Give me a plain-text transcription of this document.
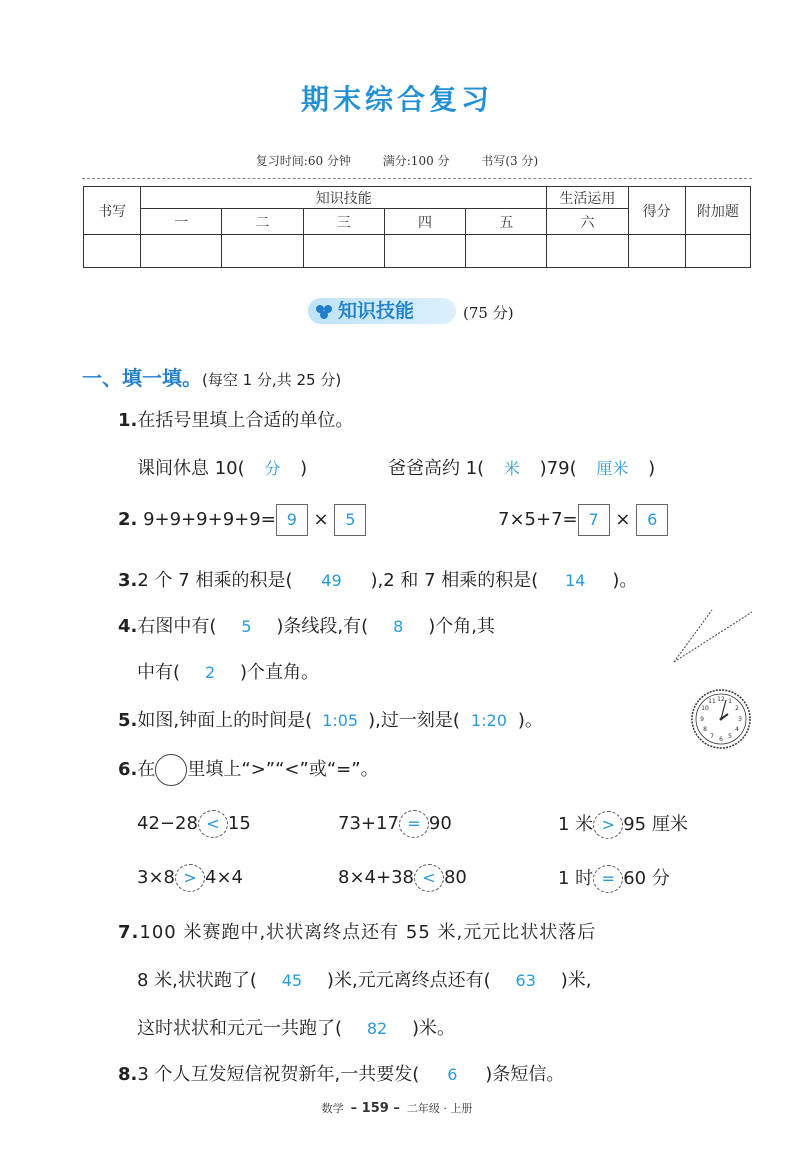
期末综合复习
复习时间:60 分钟	满分:100 分	书写(3 分)
书写	知识技能					生活运用	得分	附加题
	一	二	三	四	五	六		

知识技能	(75 分)
一、填一填。(每空 1 分,共 25 分)
1.在括号里填上合适的单位。
课间休息 10( 分 )	爸爸高约 1( 米 )79( 厘米 )
2. 9+9+9+9+9= 9 × 5	7×5+7= 7 × 6
3.2 个 7 相乘的积是( 49 ),2 和 7 相乘的积是( 14 )。
4.右图中有( 5 )条线段,有( 8 )个角,其
中有( 2 )个直角。
5.如图,钟面上的时间是( 1:05 ),过一刻是( 1:20 )。
12 1
2
3
4
5
6
7
8
9
10
11
6.在 里填上“>”“<”或“=”。
42−28 < 15	73+17 = 90	1 米 > 95 厘米
3×8 > 4×4	8×4+38 < 80	1 时 = 60 分
7.100 米赛跑中,状状离终点还有 55 米,元元比状状落后
8 米,状状跑了( 45 )米,元元离终点还有( 63 )米,
这时状状和元元一共跑了( 82 )米。
8.3 个人互发短信祝贺新年,一共要发( 6 )条短信。
数学 – 159 – 二年级 · 上册
